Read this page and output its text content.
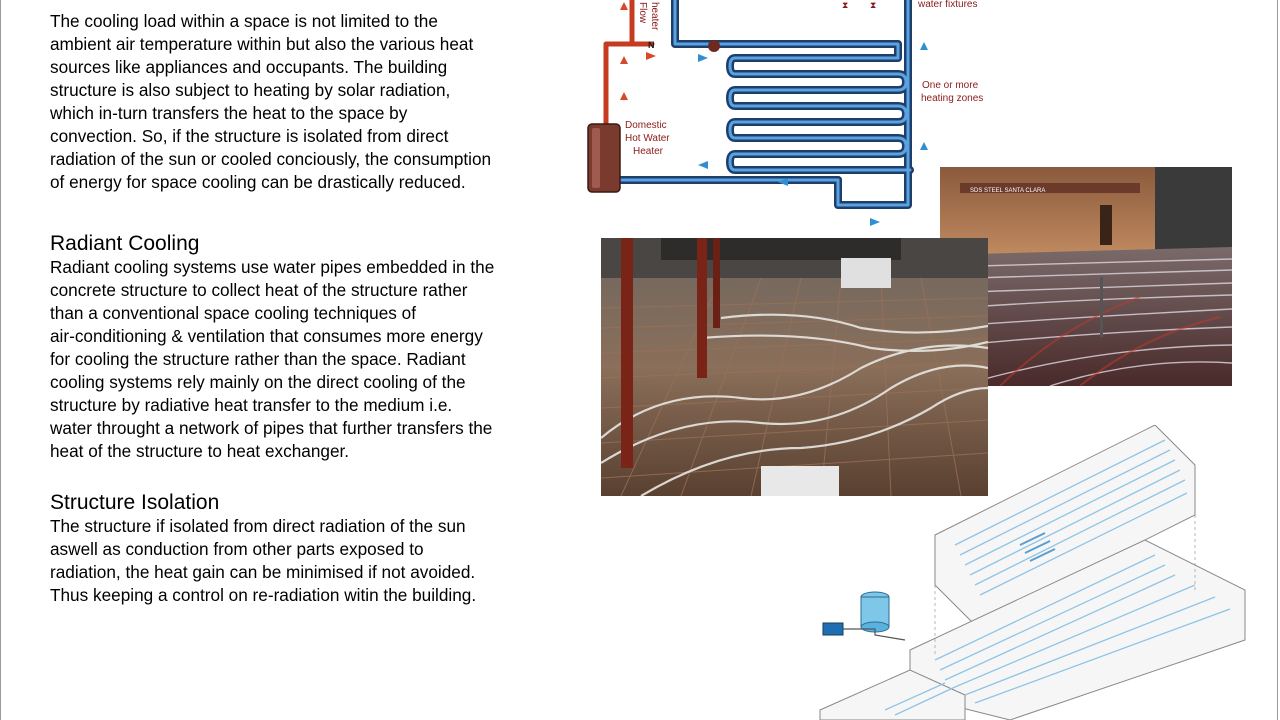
The cooling load within a space is not limited to the
ambient air temperature within but also the various heat
sources like appliances and occupants. The building
structure is also subject to heating by solar radiation,
which in-turn transfers the heat to the space by
convection. So, if the structure is isolated from direct
radiation of the sun or cooled conciously, the consumption
of energy for space cooling can be drastically reduced.

Radiant Cooling

Radiant cooling systems use water pipes embedded in the
concrete structure to collect heat of the structure rather
than a conventional space cooling techniques of
air-conditioning & ventilation that consumes more energy
for cooling the structure rather than the space. Radiant
cooling systems rely mainly on the direct cooling of the
structure by radiative heat transfer to the medium i.e.
water throught a network of pipes that further transfers the
heat of the structure to heat exchanger.

Structure Isolation

The structure if isolated from direct radiation of the sun
aswell as conduction from other parts exposed to
radiation, the heat gain can be minimised if not avoided.
Thus keeping a control on re-radiation witin the building.

⧗ ⧗
N
Flow heater	water fixtures
One or more
heating zones
Domestic
Hot Water
Heater
SDS STEEL SANTA CLARA
